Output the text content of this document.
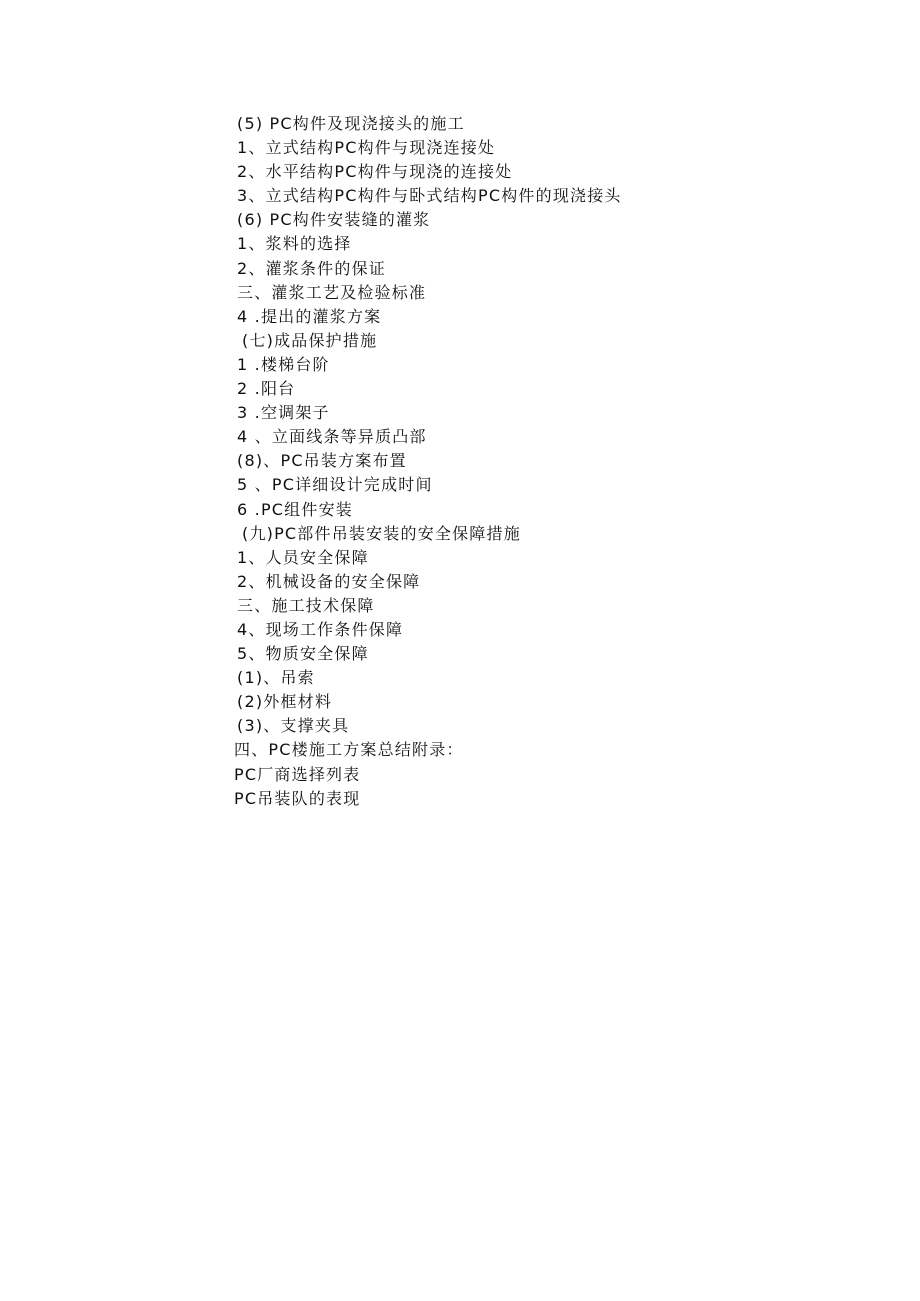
(5) PC构件及现浇接头的施工
1、立式结构PC构件与现浇连接处
2、水平结构PC构件与现浇的连接处
3、立式结构PC构件与卧式结构PC构件的现浇接头
(6) PC构件安装缝的灌浆
1、浆料的选择
2、灌浆条件的保证
三、灌浆工艺及检验标准
4 .提出的灌浆方案
(七)成品保护措施
1 .楼梯台阶
2 .阳台
3 .空调架子
4 、立面线条等异质凸部
(8)、PC吊装方案布置
5 、PC详细设计完成时间
6 .PC组件安装
(九)PC部件吊装安装的安全保障措施
1、人员安全保障
2、机械设备的安全保障
三、施工技术保障
4、现场工作条件保障
5、物质安全保障
(1)、吊索
(2)外框材料
(3)、支撑夹具
四、PC楼施工方案总结附录：
PC厂商选择列表
PC吊装队的表现
